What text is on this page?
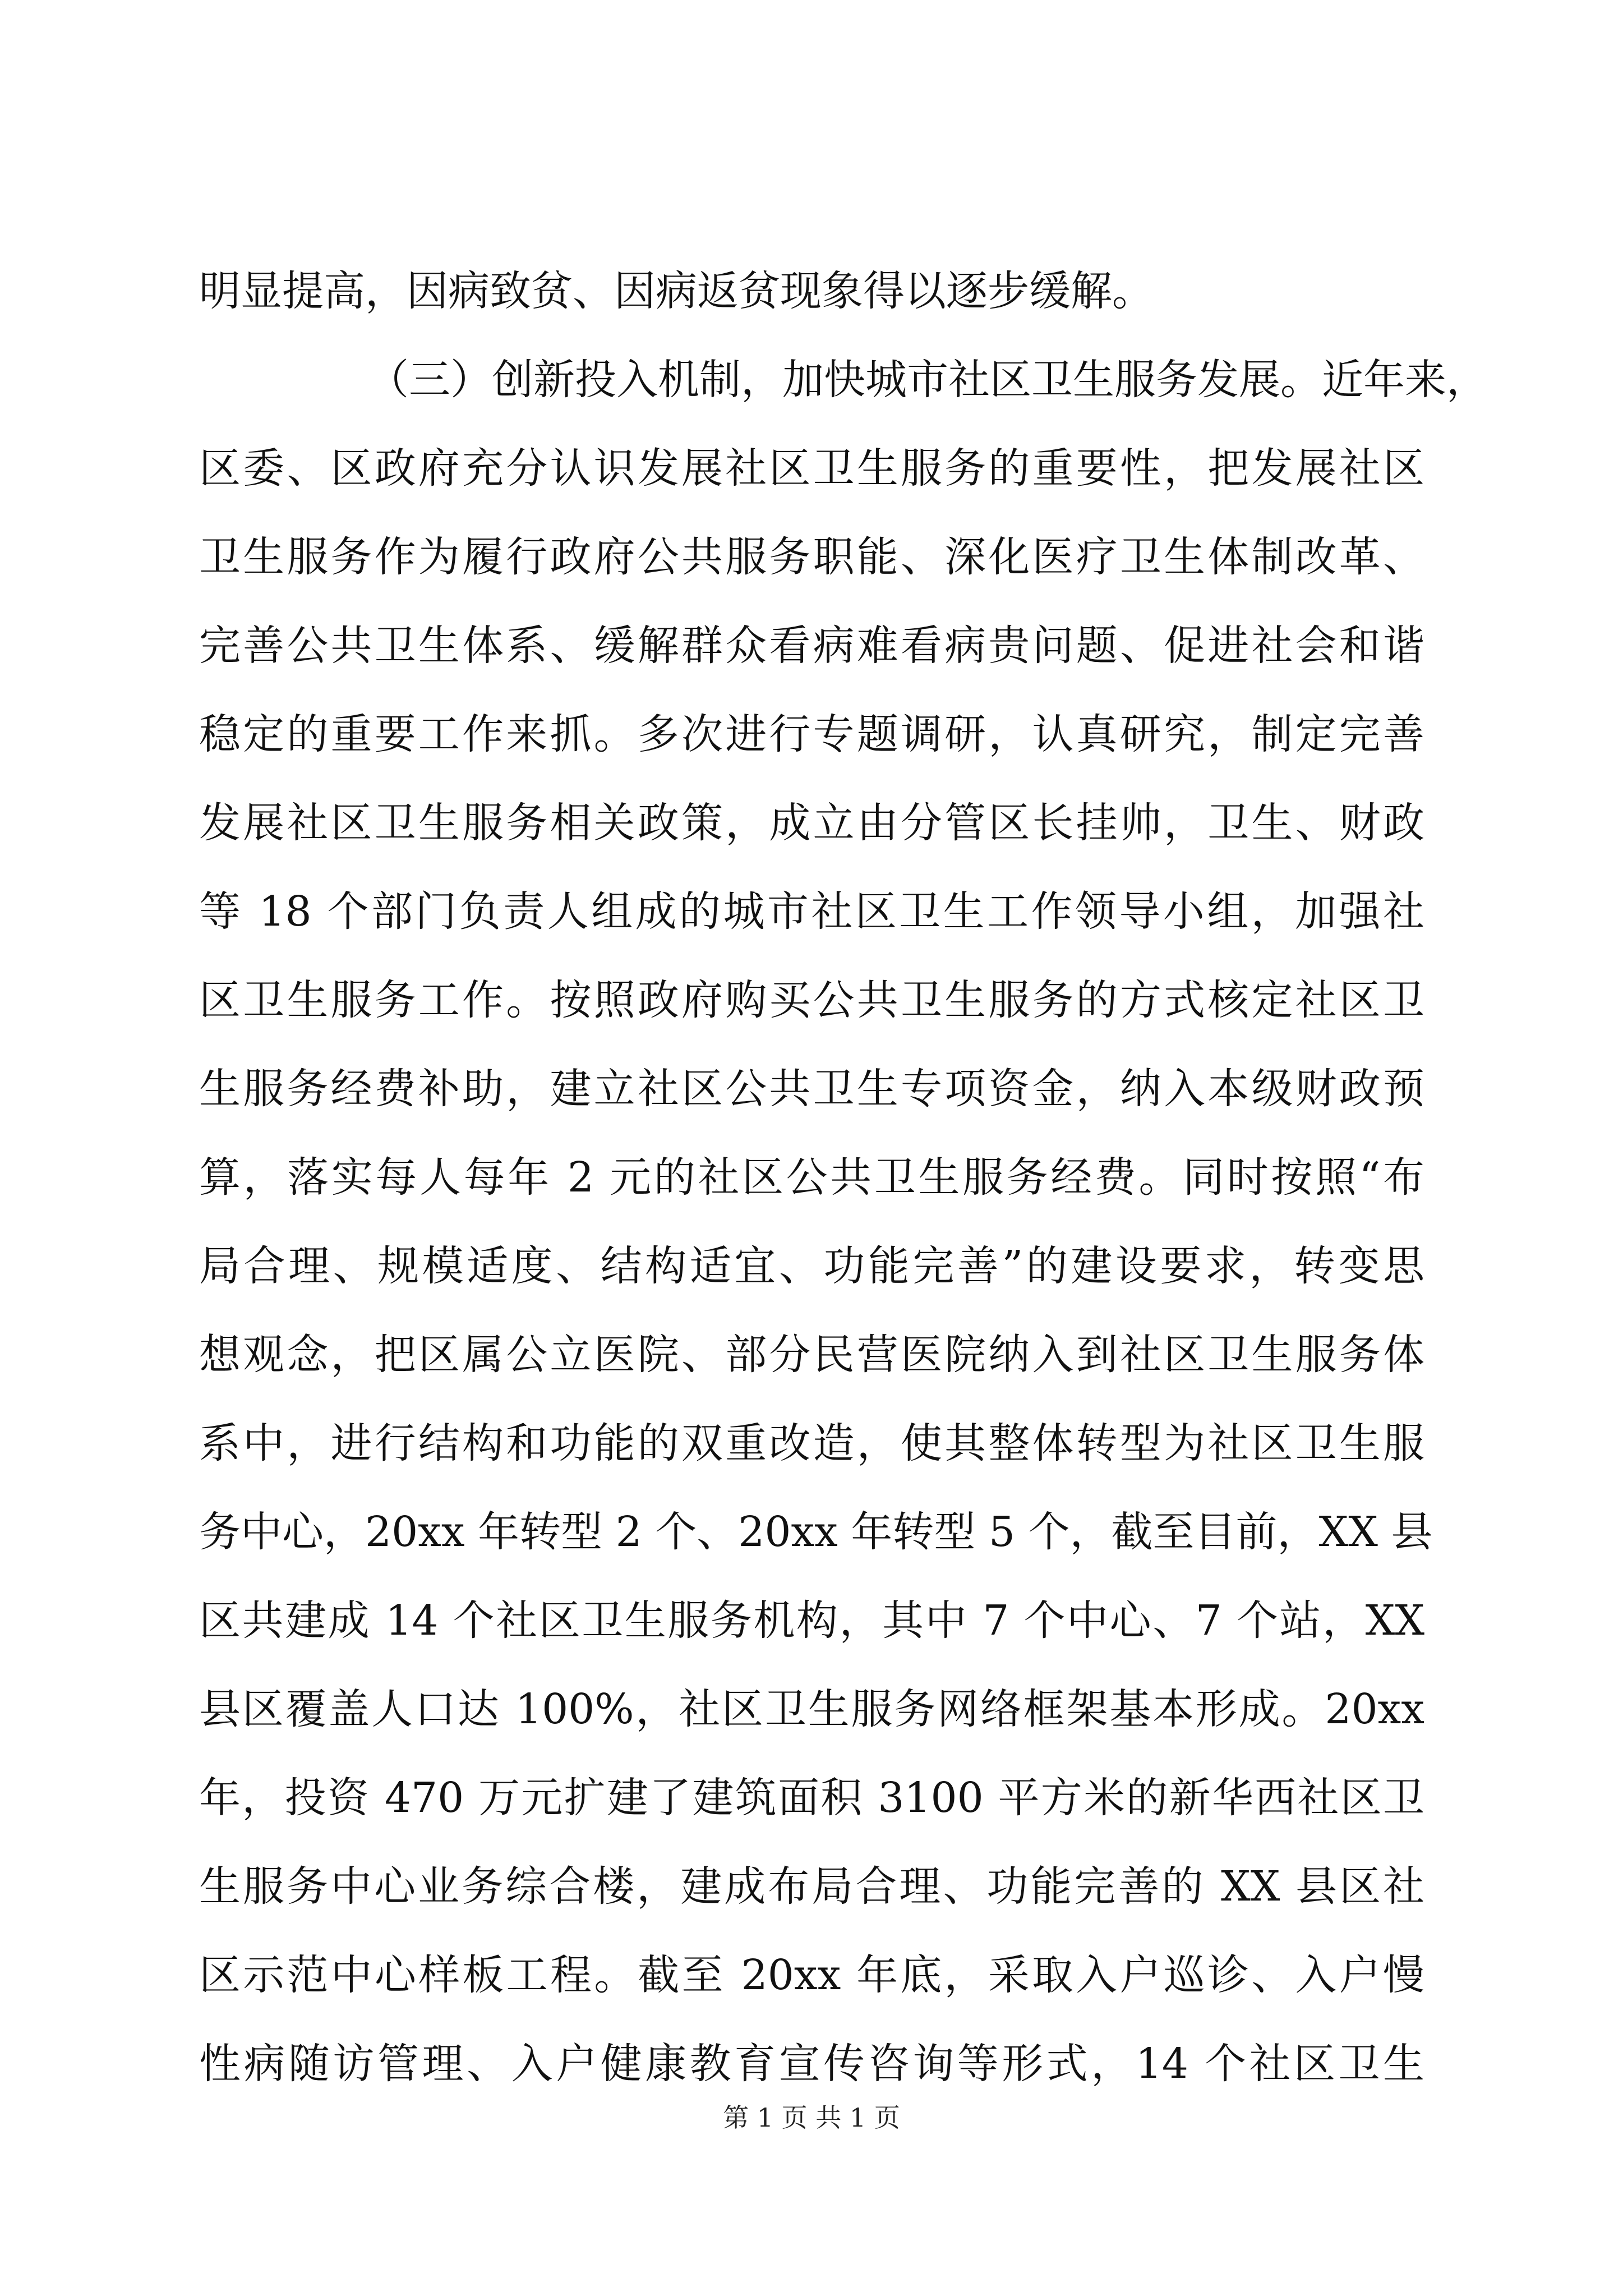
明显提高，因病致贫、因病返贫现象得以逐步缓解。
（三）创新投入机制，加快城市社区卫生服务发展。近年来，
区委、区政府充分认识发展社区卫生服务的重要性，把发展社区
卫生服务作为履行政府公共服务职能、深化医疗卫生体制改革、
完善公共卫生体系、缓解群众看病难看病贵问题、促进社会和谐
稳定的重要工作来抓。多次进行专题调研，认真研究，制定完善
发展社区卫生服务相关政策，成立由分管区长挂帅，卫生、财政
等 18 个部门负责人组成的城市社区卫生工作领导小组，加强社
区卫生服务工作。按照政府购买公共卫生服务的方式核定社区卫
生服务经费补助，建立社区公共卫生专项资金，纳入本级财政预
算，落实每人每年 2 元的社区公共卫生服务经费。同时按照“布
局合理、规模适度、结构适宜、功能完善”的建设要求，转变思
想观念，把区属公立医院、部分民营医院纳入到社区卫生服务体
系中，进行结构和功能的双重改造，使其整体转型为社区卫生服
务中心，20xx 年转型 2 个、20xx 年转型 5 个，截至目前，XX 县
区共建成 14 个社区卫生服务机构，其中 7 个中心、7 个站，XX
县区覆盖人口达 100%，社区卫生服务网络框架基本形成。20xx
年，投资 470 万元扩建了建筑面积 3100 平方米的新华西社区卫
生服务中心业务综合楼，建成布局合理、功能完善的 XX 县区社
区示范中心样板工程。截至 20xx 年底，采取入户巡诊、入户慢
性病随访管理、入户健康教育宣传咨询等形式，14 个社区卫生
第 1 页 共 1 页
